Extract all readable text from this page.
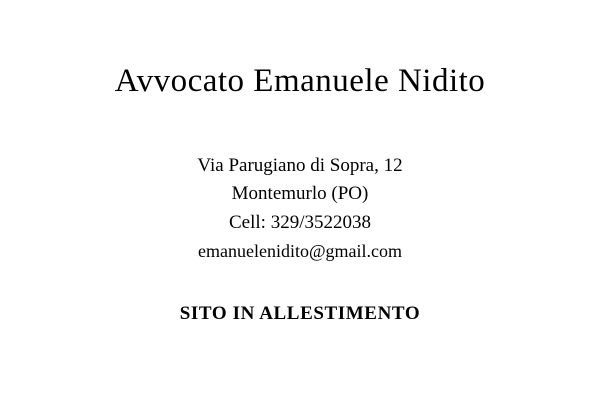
Avvocato Emanuele Nidito
Via Parugiano di Sopra, 12
Montemurlo (PO)
Cell: 329/3522038
emanuelenidito@gmail.com
SITO IN ALLESTIMENTO
